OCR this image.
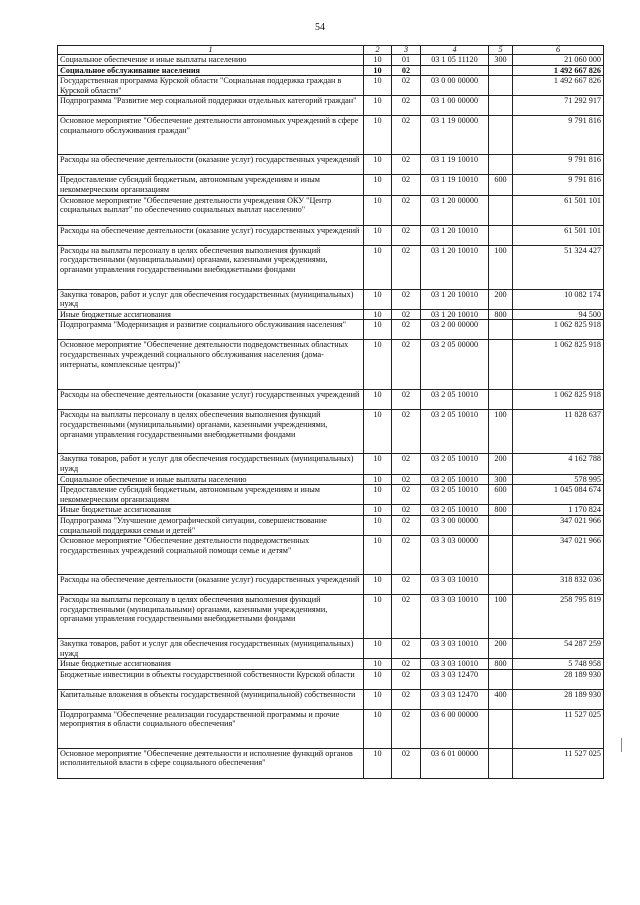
54
1	2	3	4	5	6
Социальное обеспечение и иные выплаты населению	10	01	03 1 05 11120	300	21 060 000
Социальное обслуживание населения	10	02			1 492 667 826
Государственная программа Курской области "Социальная поддержка граждан в Курской области"	10	02	03 0 00 00000		1 492 667 826
Подпрограмма "Развитие мер социальной поддержки отдельных категорий граждан"	10	02	03 1 00 00000		71 292 917
Основное мероприятие "Обеспечение деятельности автономных учреждений в сфере социального обслуживания граждан"	10	02	03 1 19 00000		9 791 816
Расходы на обеспечение деятельности (оказание услуг) государственных учреждений	10	02	03 1 19 10010		9 791 816
Предоставление субсидий бюджетным, автономным учреждениям и иным некоммерческим организациям	10	02	03 1 19 10010	600	9 791 816
Основное мероприятие "Обеспечение деятельности учреждения ОКУ "Центр социальных выплат" по обеспечению социальных выплат населению"	10	02	03 1 20 00000		61 501 101
Расходы на обеспечение деятельности (оказание услуг) государственных учреждений	10	02	03 1 20 10010		61 501 101
Расходы на выплаты персоналу в целях обеспечения выполнения функций государственными (муниципальными) органами, казенными учреждениями, органами управления государственными внебюджетными фондами	10	02	03 1 20 10010	100	51 324 427
Закупка товаров, работ и услуг для обеспечения государственных (муниципальных) нужд	10	02	03 1 20 10010	200	10 082 174
Иные бюджетные ассигнования	10	02	03 1 20 10010	800	94 500
Подпрограмма "Модернизация и развитие социального обслуживания населения"	10	02	03 2 00 00000		1 062 825 918
Основное мероприятие "Обеспечение деятельности подведомственных областных государственных учреждений социального обслуживания населения (дома-интернаты, комплексные центры)"	10	02	03 2 05 00000		1 062 825 918
Расходы на обеспечение деятельности (оказание услуг) государственных учреждений	10	02	03 2 05 10010		1 062 825 918
Расходы на выплаты персоналу в целях обеспечения выполнения функций государственными (муниципальными) органами, казенными учреждениями, органами управления государственными внебюджетными фондами	10	02	03 2 05 10010	100	11 828 637
Закупка товаров, работ и услуг для обеспечения государственных (муниципальных) нужд	10	02	03 2 05 10010	200	4 162 788
Социальное обеспечение и иные выплаты населению	10	02	03 2 05 10010	300	578 995
Предоставление субсидий бюджетным, автономным учреждениям и иным некоммерческим организациям	10	02	03 2 05 10010	600	1 045 084 674
Иные бюджетные ассигнования	10	02	03 2 05 10010	800	1 170 824
Подпрограмма "Улучшение демографической ситуации, совершенствование социальной поддержки семьи и детей"	10	02	03 3 00 00000		347 021 966
Основное мероприятие "Обеспечение деятельности подведомственных государственных учреждений социальной помощи семье и детям"	10	02	03 3 03 00000		347 021 966
Расходы на обеспечение деятельности (оказание услуг) государственных учреждений	10	02	03 3 03 10010		318 832 036
Расходы на выплаты персоналу в целях обеспечения выполнения функций государственными (муниципальными) органами, казенными учреждениями, органами управления государственными внебюджетными фондами	10	02	03 3 03 10010	100	258 795 819
Закупка товаров, работ и услуг для обеспечения государственных (муниципальных) нужд	10	02	03 3 03 10010	200	54 287 259
Иные бюджетные ассигнования	10	02	03 3 03 10010	800	5 748 958
Бюджетные инвестиции в объекты государственной собственности Курской области	10	02	03 3 03 12470		28 189 930
Капитальные вложения в объекты государственной (муниципальной) собственности	10	02	03 3 03 12470	400	28 189 930
Подпрограмма "Обеспечение реализации государственной программы и прочие мероприятия в области социального обеспечения"	10	02	03 6 00 00000		11 527 025
Основное мероприятие "Обеспечение деятельности и исполнение функций органов исполнительной власти в сфере социального обеспечения"	10	02	03 6 01 00000		11 527 025
